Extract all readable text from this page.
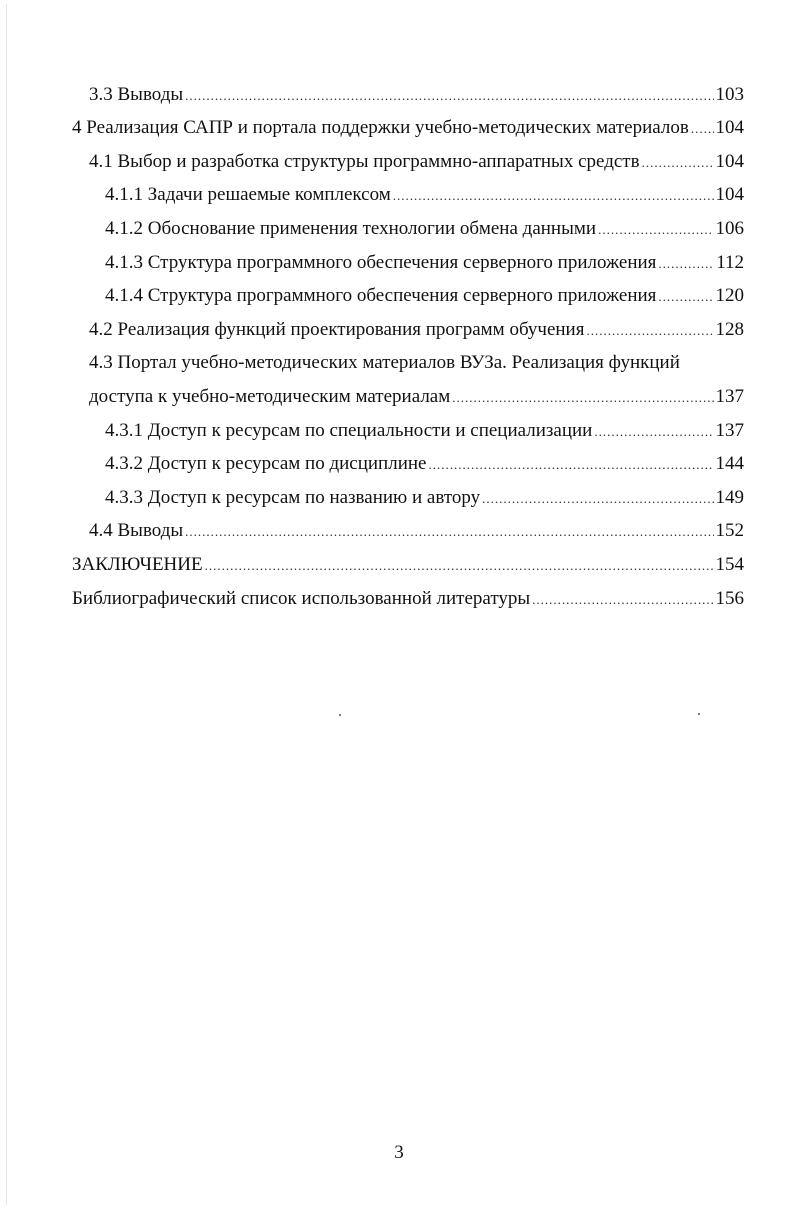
3.3 Выводы .....	103
4 Реализация САПР и портала поддержки учебно-методических материалов ..... 104
4.1 Выбор и разработка структуры программно-аппаратных средств .....	104
4.1.1 Задачи решаемые комплексом .....	104
4.1.2 Обоснование применения технологии обмена данными .....	106
4.1.3 Структура программного обеспечения серверного приложения .....	112
4.1.4 Структура программного обеспечения серверного приложения .....	120
4.2 Реализация функций проектирования программ обучения .....	128
4.3 Портал учебно-методических материалов ВУЗа. Реализация функций
доступа к учебно-методическим материалам .....	137
4.3.1 Доступ к ресурсам по специальности и специализации .....	137
4.3.2 Доступ к ресурсам по дисциплине .....	144
4.3.3 Доступ к ресурсам по названию и автору .....	149
4.4 Выводы .....	152
ЗАКЛЮЧЕНИЕ .....	154
Библиографический список использованной литературы .....	156
3
